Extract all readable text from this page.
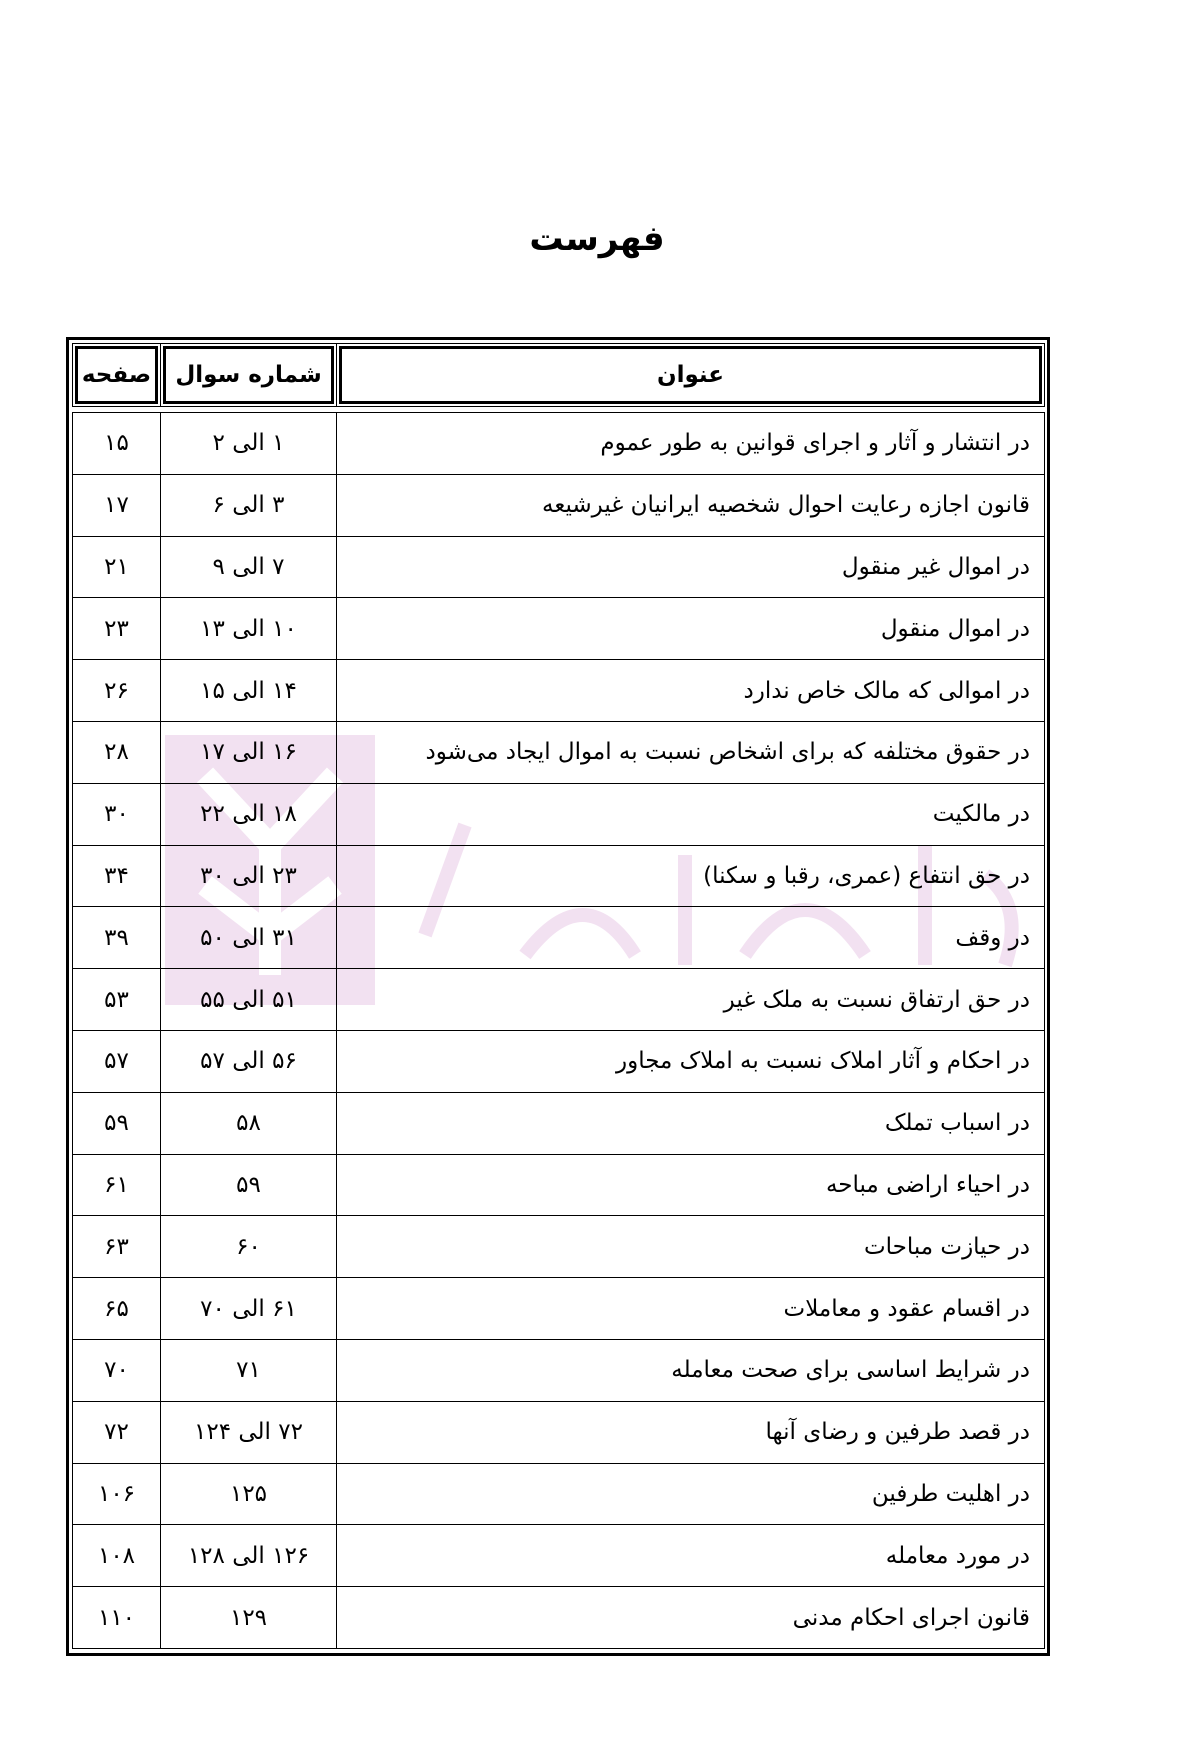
فهرست
عنوان	شماره سوال	صفحه

در انتشار و آثار و اجرای قوانین به طور عموم	۱ الی ۲	۱۵
قانون اجازه رعایت احوال شخصیه ایرانیان غیرشیعه	۳ الی ۶	۱۷
در اموال غیر منقول	۷ الی ۹	۲۱
در اموال منقول	۱۰ الی ۱۳	۲۳
در اموالی که مالک خاص ندارد	۱۴ الی ۱۵	۲۶
در حقوق مختلفه که برای اشخاص نسبت به اموال ایجاد می‌شود	۱۶ الی ۱۷	۲۸
در مالکیت	۱۸ الی ۲۲	۳۰
در حق انتفاع (عمری، رقبا و سکنا)	۲۳ الی ۳۰	۳۴
در وقف	۳۱ الی ۵۰	۳۹
در حق ارتفاق نسبت به ملک غیر	۵۱ الی ۵۵	۵۳
در احکام و آثار املاک نسبت به املاک مجاور	۵۶ الی ۵۷	۵۷
در اسباب تملک	۵۸	۵۹
در احیاء اراضی مباحه	۵۹	۶۱
در حیازت مباحات	۶۰	۶۳
در اقسام عقود و معاملات	۶۱ الی ۷۰	۶۵
در شرایط اساسی برای صحت معامله	۷۱	۷۰
در قصد طرفین و رضای آنها	۷۲ الی ۱۲۴	۷۲
در اهلیت طرفین	۱۲۵	۱۰۶
در مورد معامله	۱۲۶ الی ۱۲۸	۱۰۸
قانون اجرای احکام مدنی	۱۲۹	۱۱۰
